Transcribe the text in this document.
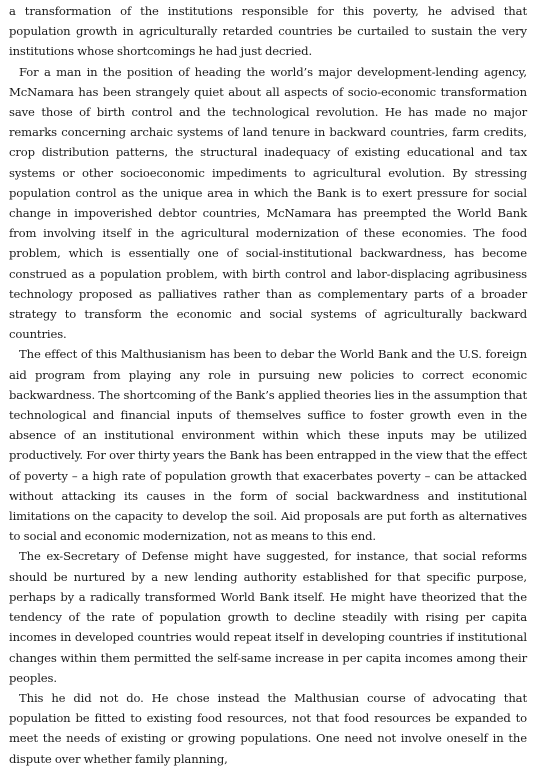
a transformation of the institutions responsible for this poverty, he advised that population growth in agriculturally retarded countries be curtailed to sustain the very institutions whose shortcomings he had just decried.

For a man in the position of heading the world’s major development-lending agency, McNamara has been strangely quiet about all aspects of socio-economic transformation save those of birth control and the technological revolution. He has made no major remarks concerning archaic systems of land tenure in backward countries, farm credits, crop distribution patterns, the structural inadequacy of existing educational and tax systems or other socioeconomic impediments to agricultural evolution. By stressing population control as the unique area in which the Bank is to exert pressure for social change in impoverished debtor countries, McNamara has preempted the World Bank from involving itself in the agricultural modernization of these economies. The food problem, which is essentially one of social-institutional backwardness, has become construed as a population problem, with birth control and labor-displacing agribusiness technology proposed as palliatives rather than as complementary parts of a broader strategy to transform the economic and social systems of agriculturally backward countries.

The effect of this Malthusianism has been to debar the World Bank and the U.S. foreign aid program from playing any role in pursuing new policies to correct economic backwardness. The shortcoming of the Bank’s applied theories lies in the assumption that technological and financial inputs of themselves suffice to foster growth even in the absence of an institutional environment within which these inputs may be utilized productively. For over thirty years the Bank has been entrapped in the view that the effect of poverty – a high rate of population growth that exacerbates poverty – can be attacked without attacking its causes in the form of social backwardness and institutional limitations on the capacity to develop the soil. Aid proposals are put forth as alternatives to social and economic modernization, not as means to this end.

The ex-Secretary of Defense might have suggested, for instance, that social reforms should be nurtured by a new lending authority established for that specific purpose, perhaps by a radically transformed World Bank itself. He might have theorized that the tendency of the rate of population growth to decline steadily with rising per capita incomes in developed countries would repeat itself in developing countries if institutional changes within them permitted the self-same increase in per capita incomes among their peoples.

This he did not do. He chose instead the Malthusian course of advocating that population be fitted to existing food resources, not that food resources be expanded to meet the needs of existing or growing populations. One need not involve oneself in the dispute over whether family planning,
